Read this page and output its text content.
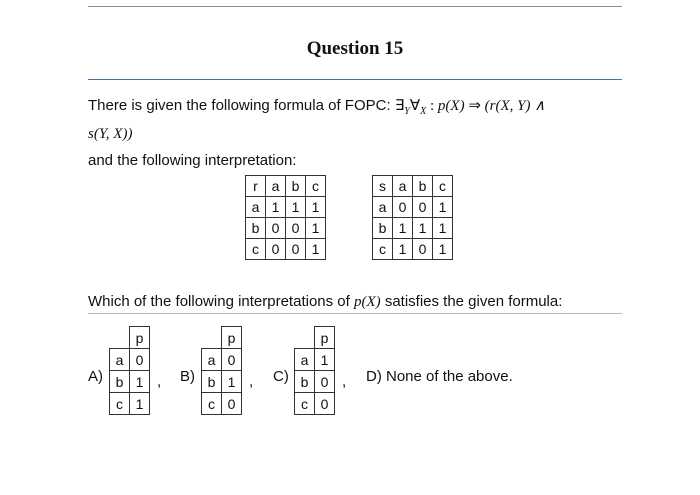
Question 15
There is given the following formula of FOPC: $\exists_Y\forall_X$ : p(X) ⇒ (r(X, Y) ∧
s(Y, X))
and the following interpretation:
r	a	b	c
a	1	1	1
b	0	0	1
c	0	0	1
s	a	b	c
a	0	0	1
b	1	1	1
c	1	0	1
Which of the following interpretations of p(X) satisfies the given formula:
A)
	p
a	0
b	1
c	1
, B)
	p
a	0
b	1
c	0
, C)
	p
a	1
b	0
c	0
, D) None of the above.
